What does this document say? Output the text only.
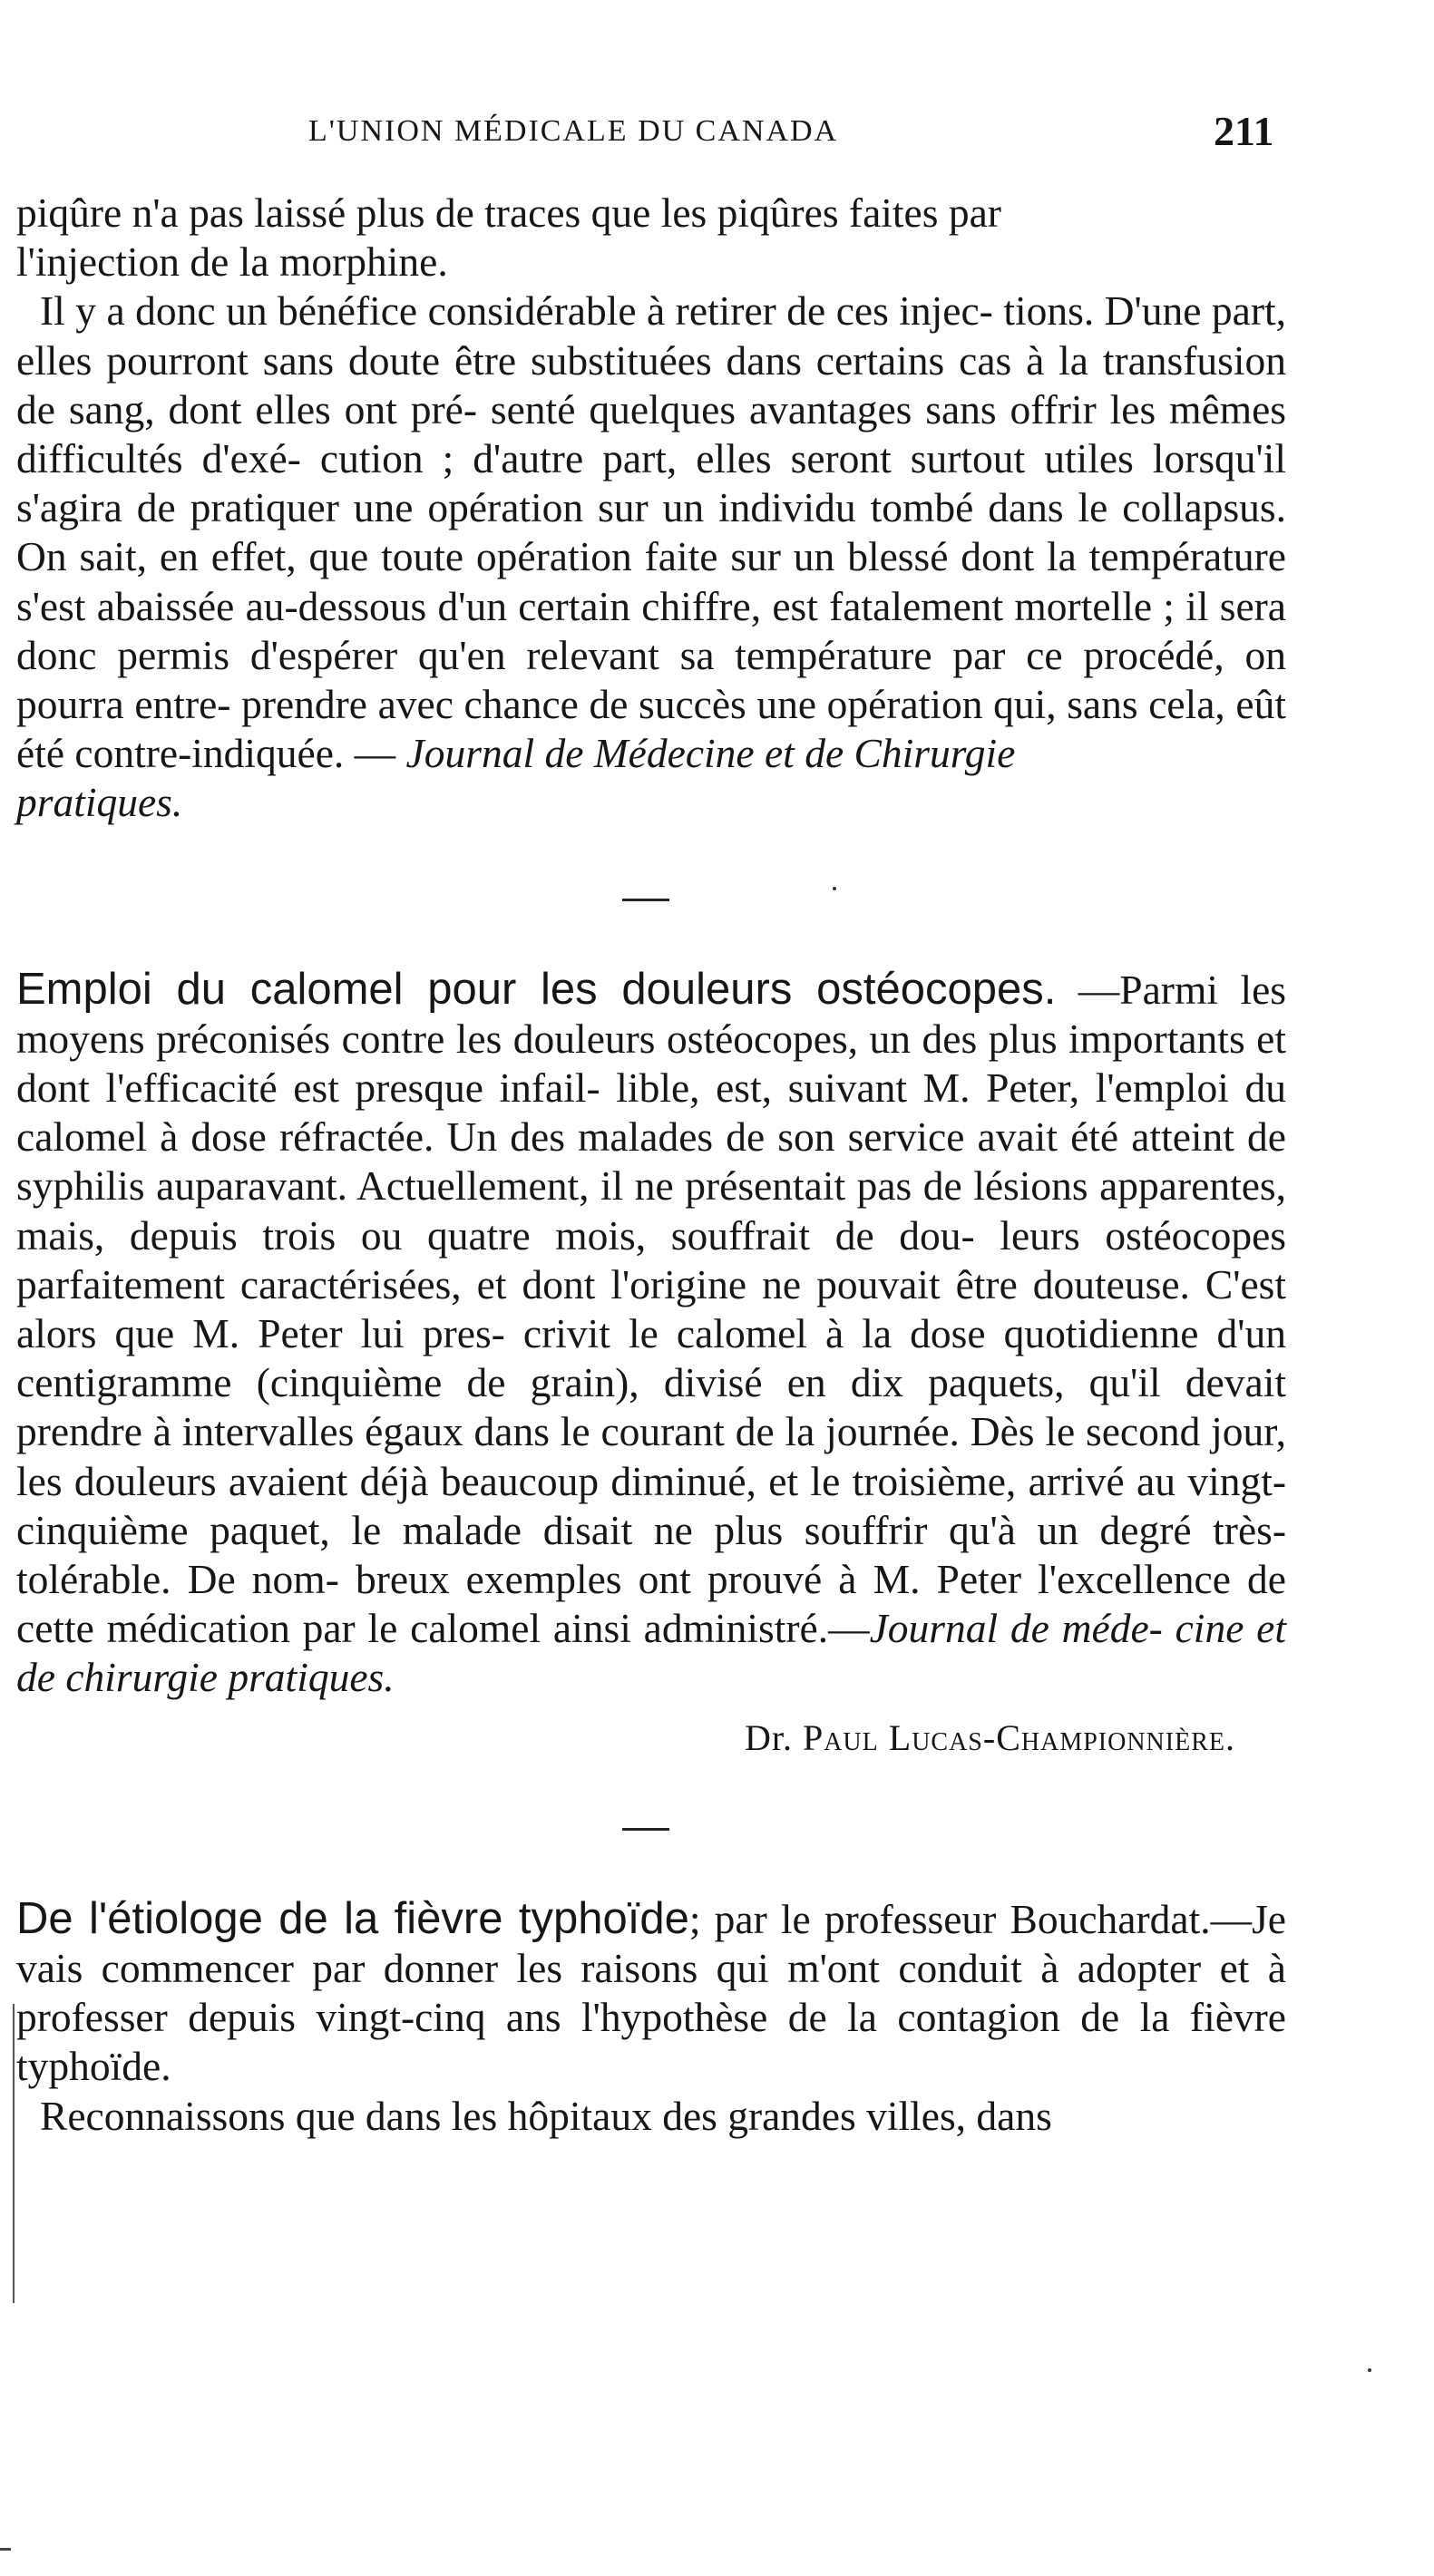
L'UNION MÉDICALE DU CANADA	211

piqûre n'a pas laissé plus de traces que les piqûres faites par
l'injection de la morphine.

Il y a donc un bénéfice considérable à retirer de ces injec- tions. D'une part, elles pourront sans doute être substituées dans certains cas à la transfusion de sang, dont elles ont pré- senté quelques avantages sans offrir les mêmes difficultés d'exé- cution ; d'autre part, elles seront surtout utiles lorsqu'il s'agira de pratiquer une opération sur un individu tombé dans le collapsus. On sait, en effet, que toute opération faite sur un blessé dont la température s'est abaissée au-dessous d'un certain chiffre, est fatalement mortelle ; il sera donc permis d'espérer qu'en relevant sa température par ce procédé, on pourra entre- prendre avec chance de succès une opération qui, sans cela, eût été contre-indiquée. — Journal de Médecine et de Chirurgie
pratiques.

Emploi du calomel pour les douleurs ostéocopes. —Parmi les moyens préconisés contre les douleurs ostéocopes, un des plus importants et dont l'efficacité est presque infail- lible, est, suivant M. Peter, l'emploi du calomel à dose réfractée. Un des malades de son service avait été atteint de syphilis auparavant. Actuellement, il ne présentait pas de lésions apparentes, mais, depuis trois ou quatre mois, souffrait de dou- leurs ostéocopes parfaitement caractérisées, et dont l'origine ne pouvait être douteuse. C'est alors que M. Peter lui pres- crivit le calomel à la dose quotidienne d'un centigramme (cinquième de grain), divisé en dix paquets, qu'il devait prendre à intervalles égaux dans le courant de la journée. Dès le second jour, les douleurs avaient déjà beaucoup diminué, et le troisième, arrivé au vingt-cinquième paquet, le malade disait ne plus souffrir qu'à un degré très-tolérable. De nom- breux exemples ont prouvé à M. Peter l'excellence de cette médication par le calomel ainsi administré.—Journal de méde- cine et de chirurgie pratiques.

Dr. Paul Lucas-Championnière.

De l'étiologe de la fièvre typhoïde; par le professeur Bouchardat.—Je vais commencer par donner les raisons qui m'ont conduit à adopter et à professer depuis vingt-cinq ans l'hypothèse de la contagion de la fièvre typhoïde.

Reconnaissons que dans les hôpitaux des grandes villes, dans
